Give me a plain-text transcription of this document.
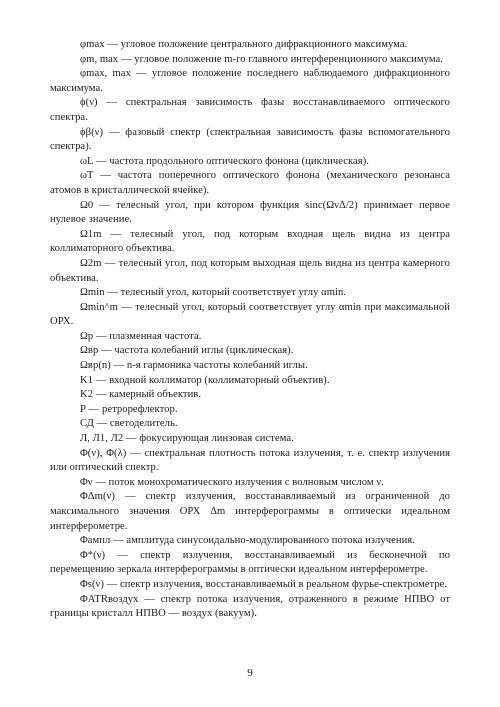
φmax — угловое положение центрального дифракционного максимума.

φm, max — угловое положение m-го главного интерференционного максимума.

φmax, max — угловое положение последнего наблюдаемого дифракционного максимума.

ϕ(ν) — спектральная зависимость фазы восстанавливаемого оптического спектра.

ϕβ(ν) — фазовый спектр (спектральная зависимость фазы вспомогательного спектра).

ωL — частота продольного оптического фонона (циклическая).

ωT — частота поперечного оптического фонона (механического резонанса атомов в кристаллической ячейке).

Ω0 — телесный угол, при котором функция sinc(ΩνΔ/2) принимает первое нулевое значение.

Ω1m — телесный угол, под которым входная щель видна из центра коллиматорного объектива.

Ω2m — телесный угол, под которым выходная щель видна из центра камерного объектива.

Ωmin — телесный угол, который соответствует углу αmin.

Ωmin^m — телесный угол, который соответствует углу αmin при максимальной ОРХ.

Ωp — плазменная частота.

Ωвр — частота колебаний иглы (циклическая).

Ωвр(n) — n-я гармоника частоты колебаний иглы.

K1 — входной коллиматор (коллиматорный объектив).

K2 — камерный объектив.

Р — ретрорефлектор.

СД — светоделитель.

Л, Л1, Л2 — фокусирующая линзовая система.

Φ(ν), Φ(λ) — спектральная плотность потока излучения, т. е. спектр излучения или оптический спектр.

Φν — поток монохроматического излучения с волновым числом ν.

ΦΔm(ν) — спектр излучения, восстанавливаемый из ограниченной до максимального значения ОРХ Δm интерферограммы в оптически идеальном интерферометре.

Φампл — амплитуда синусоидально-модулированного потока излучения.

Φ*(ν) — спектр излучения, восстанавливаемый из бесконечной по перемещению зеркала интерферограммы в оптически идеальном интерферометре.

Φs(ν) — спектр излучения, восстанавливаемый в реальном фурье-спектрометре.

ΦATRвоздух — спектр потока излучения, отраженного в режиме НПВО от границы кристалл НПВО — воздух (вакуум).

9
